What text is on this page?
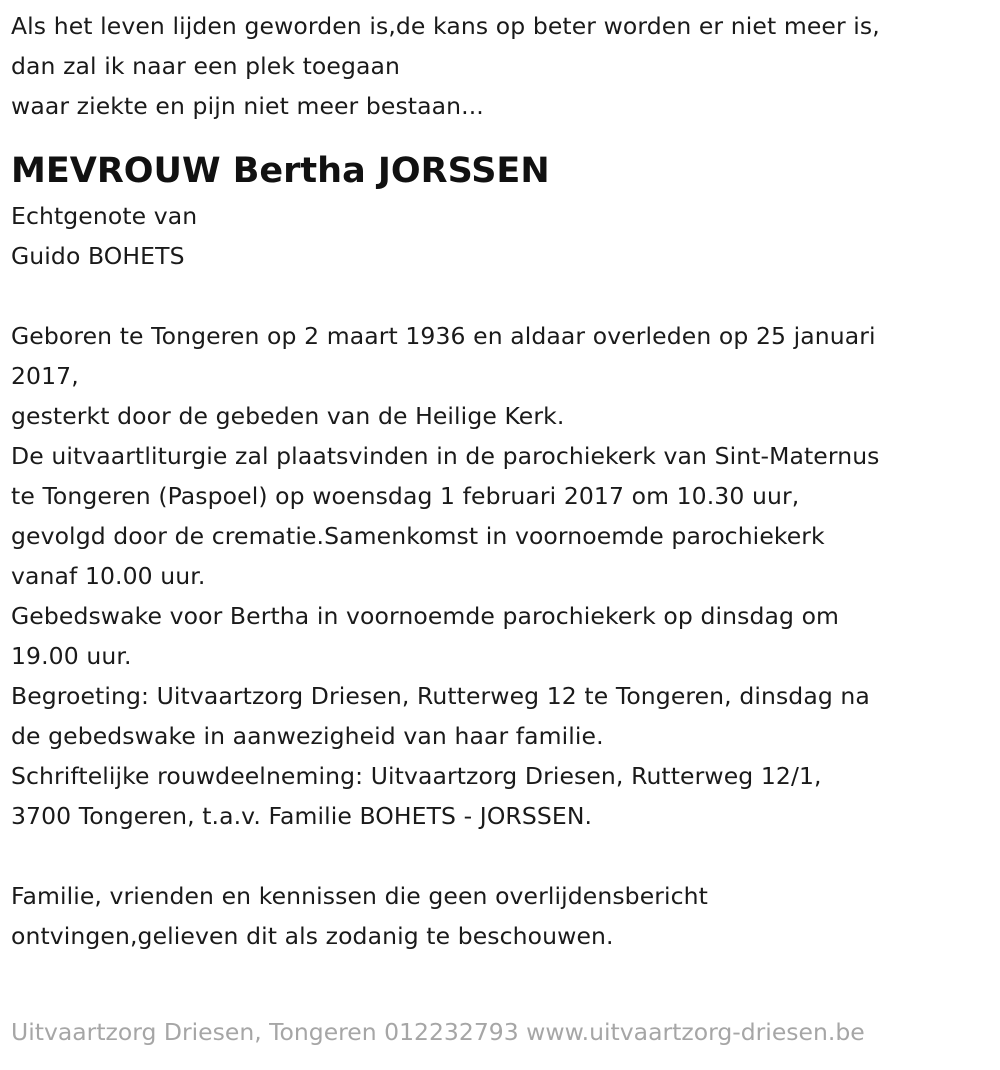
Als het leven lijden geworden is,de kans op beter worden er niet meer is,
dan zal ik naar een plek toegaan
waar ziekte en pijn niet meer bestaan...
MEVROUW Bertha JORSSEN
Echtgenote van
Guido BOHETS
Geboren te Tongeren op 2 maart 1936 en aldaar overleden op 25 januari
2017,
gesterkt door de gebeden van de Heilige Kerk.
De uitvaartliturgie zal plaatsvinden in de parochiekerk van Sint-Maternus
te Tongeren (Paspoel) op woensdag 1 februari 2017 om 10.30 uur,
gevolgd door de crematie.Samenkomst in voornoemde parochiekerk
vanaf 10.00 uur.
Gebedswake voor Bertha in voornoemde parochiekerk op dinsdag om
19.00 uur.
Begroeting: Uitvaartzorg Driesen, Rutterweg 12 te Tongeren, dinsdag na
de gebedswake in aanwezigheid van haar familie.
Schriftelijke rouwdeelneming: Uitvaartzorg Driesen, Rutterweg 12/1,
3700 Tongeren, t.a.v. Familie BOHETS - JORSSEN.
Familie, vrienden en kennissen die geen overlijdensbericht
ontvingen,gelieven dit als zodanig te beschouwen.
Uitvaartzorg Driesen, Tongeren 012232793 www.uitvaartzorg-driesen.be
